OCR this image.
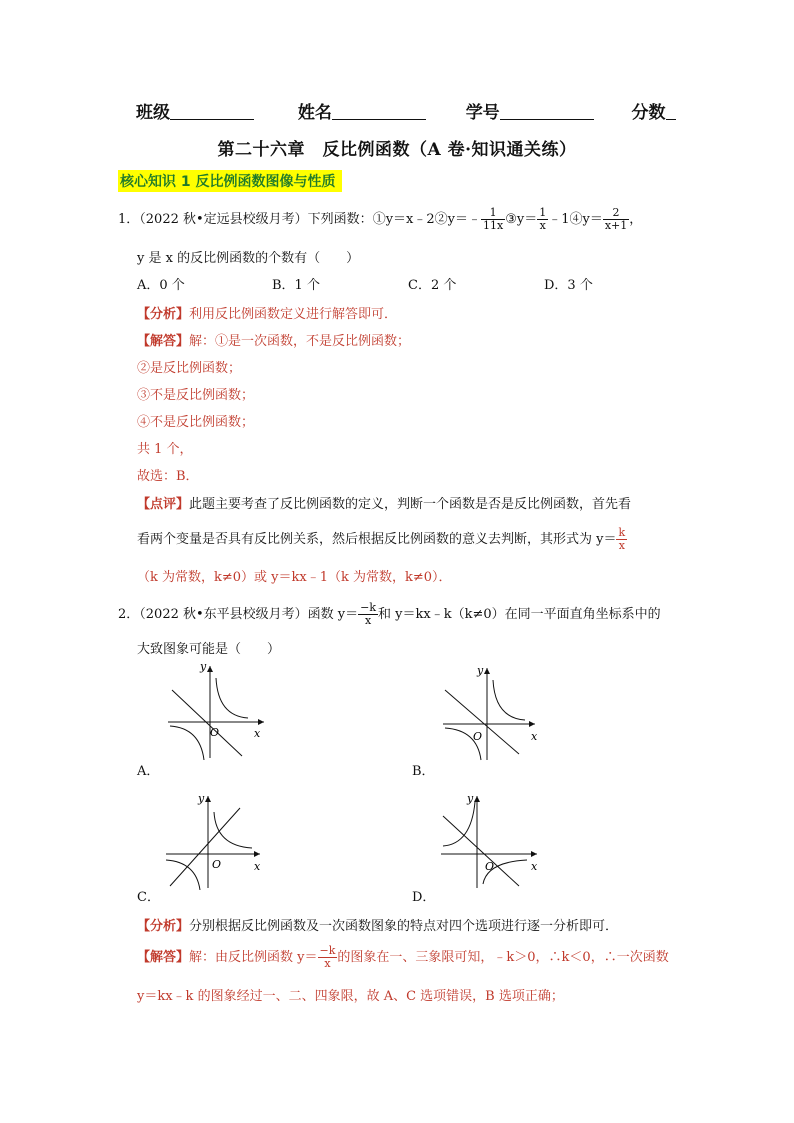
班级	姓名	学号	分数
第二十六章　反比例函数（A 卷·知识通关练）
核心知识 1 反比例函数图像与性质
1．（2022 秋•定远县校级月考）下列函数：①y＝x﹣2②y＝﹣ $\frac{1}{11x}$ ③y＝ $\frac{1}{x}$ ﹣1④y＝ $\frac{2}{x+1}$ ，
y 是 x 的反比例函数的个数有（　　）
A．0 个	B．1 个	C．2 个	D．3 个
【分析】利用反比例函数定义进行解答即可．
【解答】解：①是一次函数，不是反比例函数；
②是反比例函数；
③不是反比例函数；
④不是反比例函数；
共 1 个，
故选：B．
【点评】此题主要考查了反比例函数的定义，判断一个函数是否是反比例函数，首先看
看两个变量是否具有反比例关系，然后根据反比例函数的意义去判断，其形式为 $y= \frac{k}{x}$
（k 为常数，k≠0）或 y＝kx﹣1（k 为常数，k≠0）．
2．（2022 秋•东平县校级月考）函数 $y= \frac{-k}{x}$ 和 y＝kx﹣k（k≠0）在同一平面直角坐标系中的
大致图象可能是（　　）
y
x
O
A．
y
x
O
B．
y
x
O
C．
y
x
O
D．
【分析】分别根据反比例函数及一次函数图象的特点对四个选项进行逐一分析即可．
【解答】解：由反比例函数 $y= \frac{-k}{x}$ 的图象在一、三象限可知，﹣k＞0，∴k＜0，∴一次函数
y＝kx﹣k 的图象经过一、二、四象限，故 A、C 选项错误，B 选项正确；
